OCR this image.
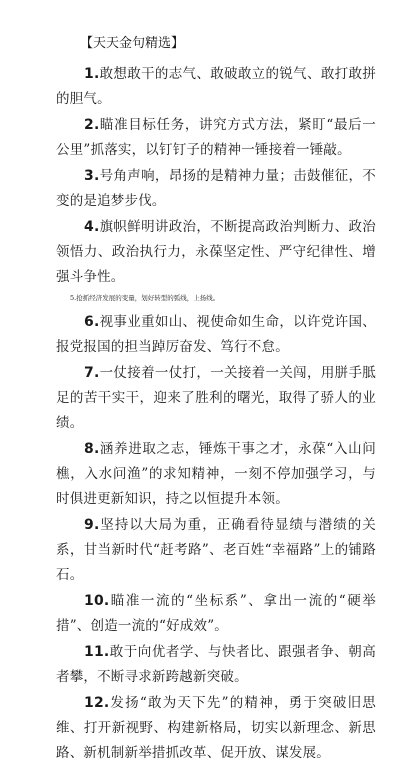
【天天金句精选】

1.敢想敢干的志气、敢破敢立的锐气、敢打敢拼的胆气。

2.瞄准目标任务，讲究方式方法，紧盯“最后一公里”抓落实，以钉钉子的精神一锤接着一锤敲。

3.号角声响，昂扬的是精神力量；击鼓催征，不变的是追梦步伐。

4.旗帜鲜明讲政治，不断提高政治判断力、政治领悟力、政治执行力，永葆坚定性、严守纪律性、增强斗争性。

5.抢抓经济发展的变量，划好转型的弧线，上扬线。

6.视事业重如山、视使命如生命，以许党许国、报党报国的担当踔厉奋发、笃行不怠。

7.一仗接着一仗打，一关接着一关闯，用胼手胝足的苦干实干，迎来了胜利的曙光，取得了骄人的业绩。

8.涵养进取之志，锤炼干事之才，永葆“入山问樵，入水问渔”的求知精神，一刻不停加强学习，与时俱进更新知识，持之以恒提升本领。

9.坚持以大局为重，正确看待显绩与潜绩的关系，甘当新时代“赶考路”、老百姓“幸福路”上的铺路石。

10.瞄准一流的“坐标系”、拿出一流的“硬举措”、创造一流的“好成效”。

11.敢于向优者学、与快者比、跟强者争、朝高者攀，不断寻求新跨越新突破。

12.发扬“敢为天下先”的精神，勇于突破旧思维、打开新视野、构建新格局，切实以新理念、新思路、新机制新举措抓改革、促开放、谋发展。
